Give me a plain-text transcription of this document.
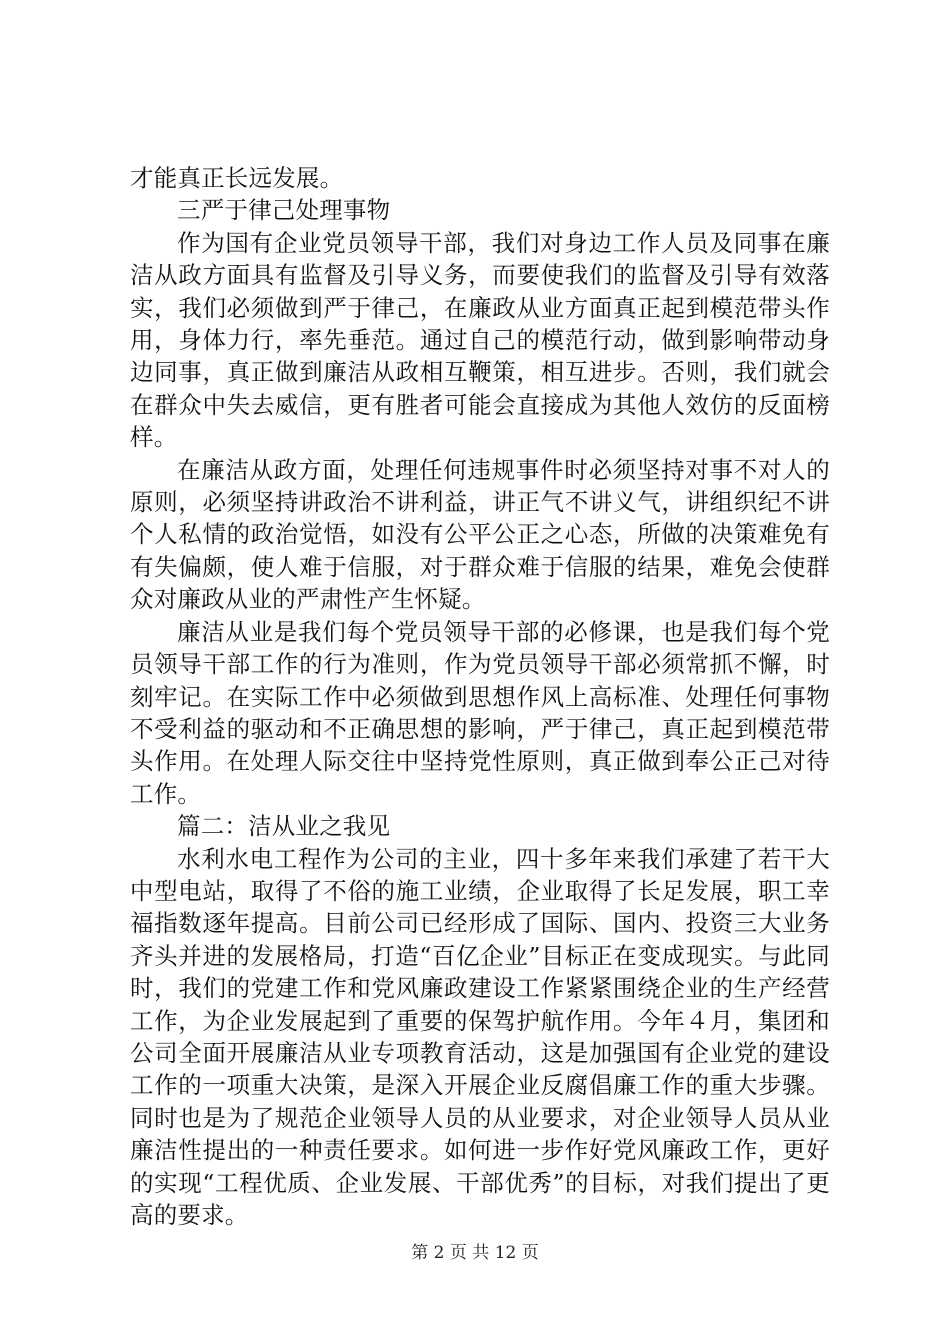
才能真正长远发展。

三严于律己处理事物

作为国有企业党员领导干部，我们对身边工作人员及同事在廉洁从政方面具有监督及引导义务，而要使我们的监督及引导有效落实，我们必须做到严于律己，在廉政从业方面真正起到模范带头作用，身体力行，率先垂范。通过自己的模范行动，做到影响带动身边同事，真正做到廉洁从政相互鞭策，相互进步。否则，我们就会在群众中失去威信，更有胜者可能会直接成为其他人效仿的反面榜样。

在廉洁从政方面，处理任何违规事件时必须坚持对事不对人的原则，必须坚持讲政治不讲利益，讲正气不讲义气，讲组织纪不讲个人私情的政治觉悟，如没有公平公正之心态，所做的决策难免有有失偏颇，使人难于信服，对于群众难于信服的结果，难免会使群众对廉政从业的严肃性产生怀疑。

廉洁从业是我们每个党员领导干部的必修课，也是我们每个党员领导干部工作的行为准则，作为党员领导干部必须常抓不懈，时刻牢记。在实际工作中必须做到思想作风上高标准、处理任何事物不受利益的驱动和不正确思想的影响，严于律己，真正起到模范带头作用。在处理人际交往中坚持党性原则，真正做到奉公正己对待工作。

篇二：洁从业之我见

水利水电工程作为公司的主业，四十多年来我们承建了若干大中型电站，取得了不俗的施工业绩，企业取得了长足发展，职工幸福指数逐年提高。目前公司已经形成了国际、国内、投资三大业务齐头并进的发展格局，打造“百亿企业”目标正在变成现实。与此同时，我们的党建工作和党风廉政建设工作紧紧围绕企业的生产经营工作，为企业发展起到了重要的保驾护航作用。今年４月，集团和公司全面开展廉洁从业专项教育活动，这是加强国有企业党的建设工作的一项重大决策，是深入开展企业反腐倡廉工作的重大步骤。同时也是为了规范企业领导人员的从业要求，对企业领导人员从业廉洁性提出的一种责任要求。如何进一步作好党风廉政工作，更好的实现“工程优质、企业发展、干部优秀”的目标，对我们提出了更高的要求。

第 2 页 共 12 页
